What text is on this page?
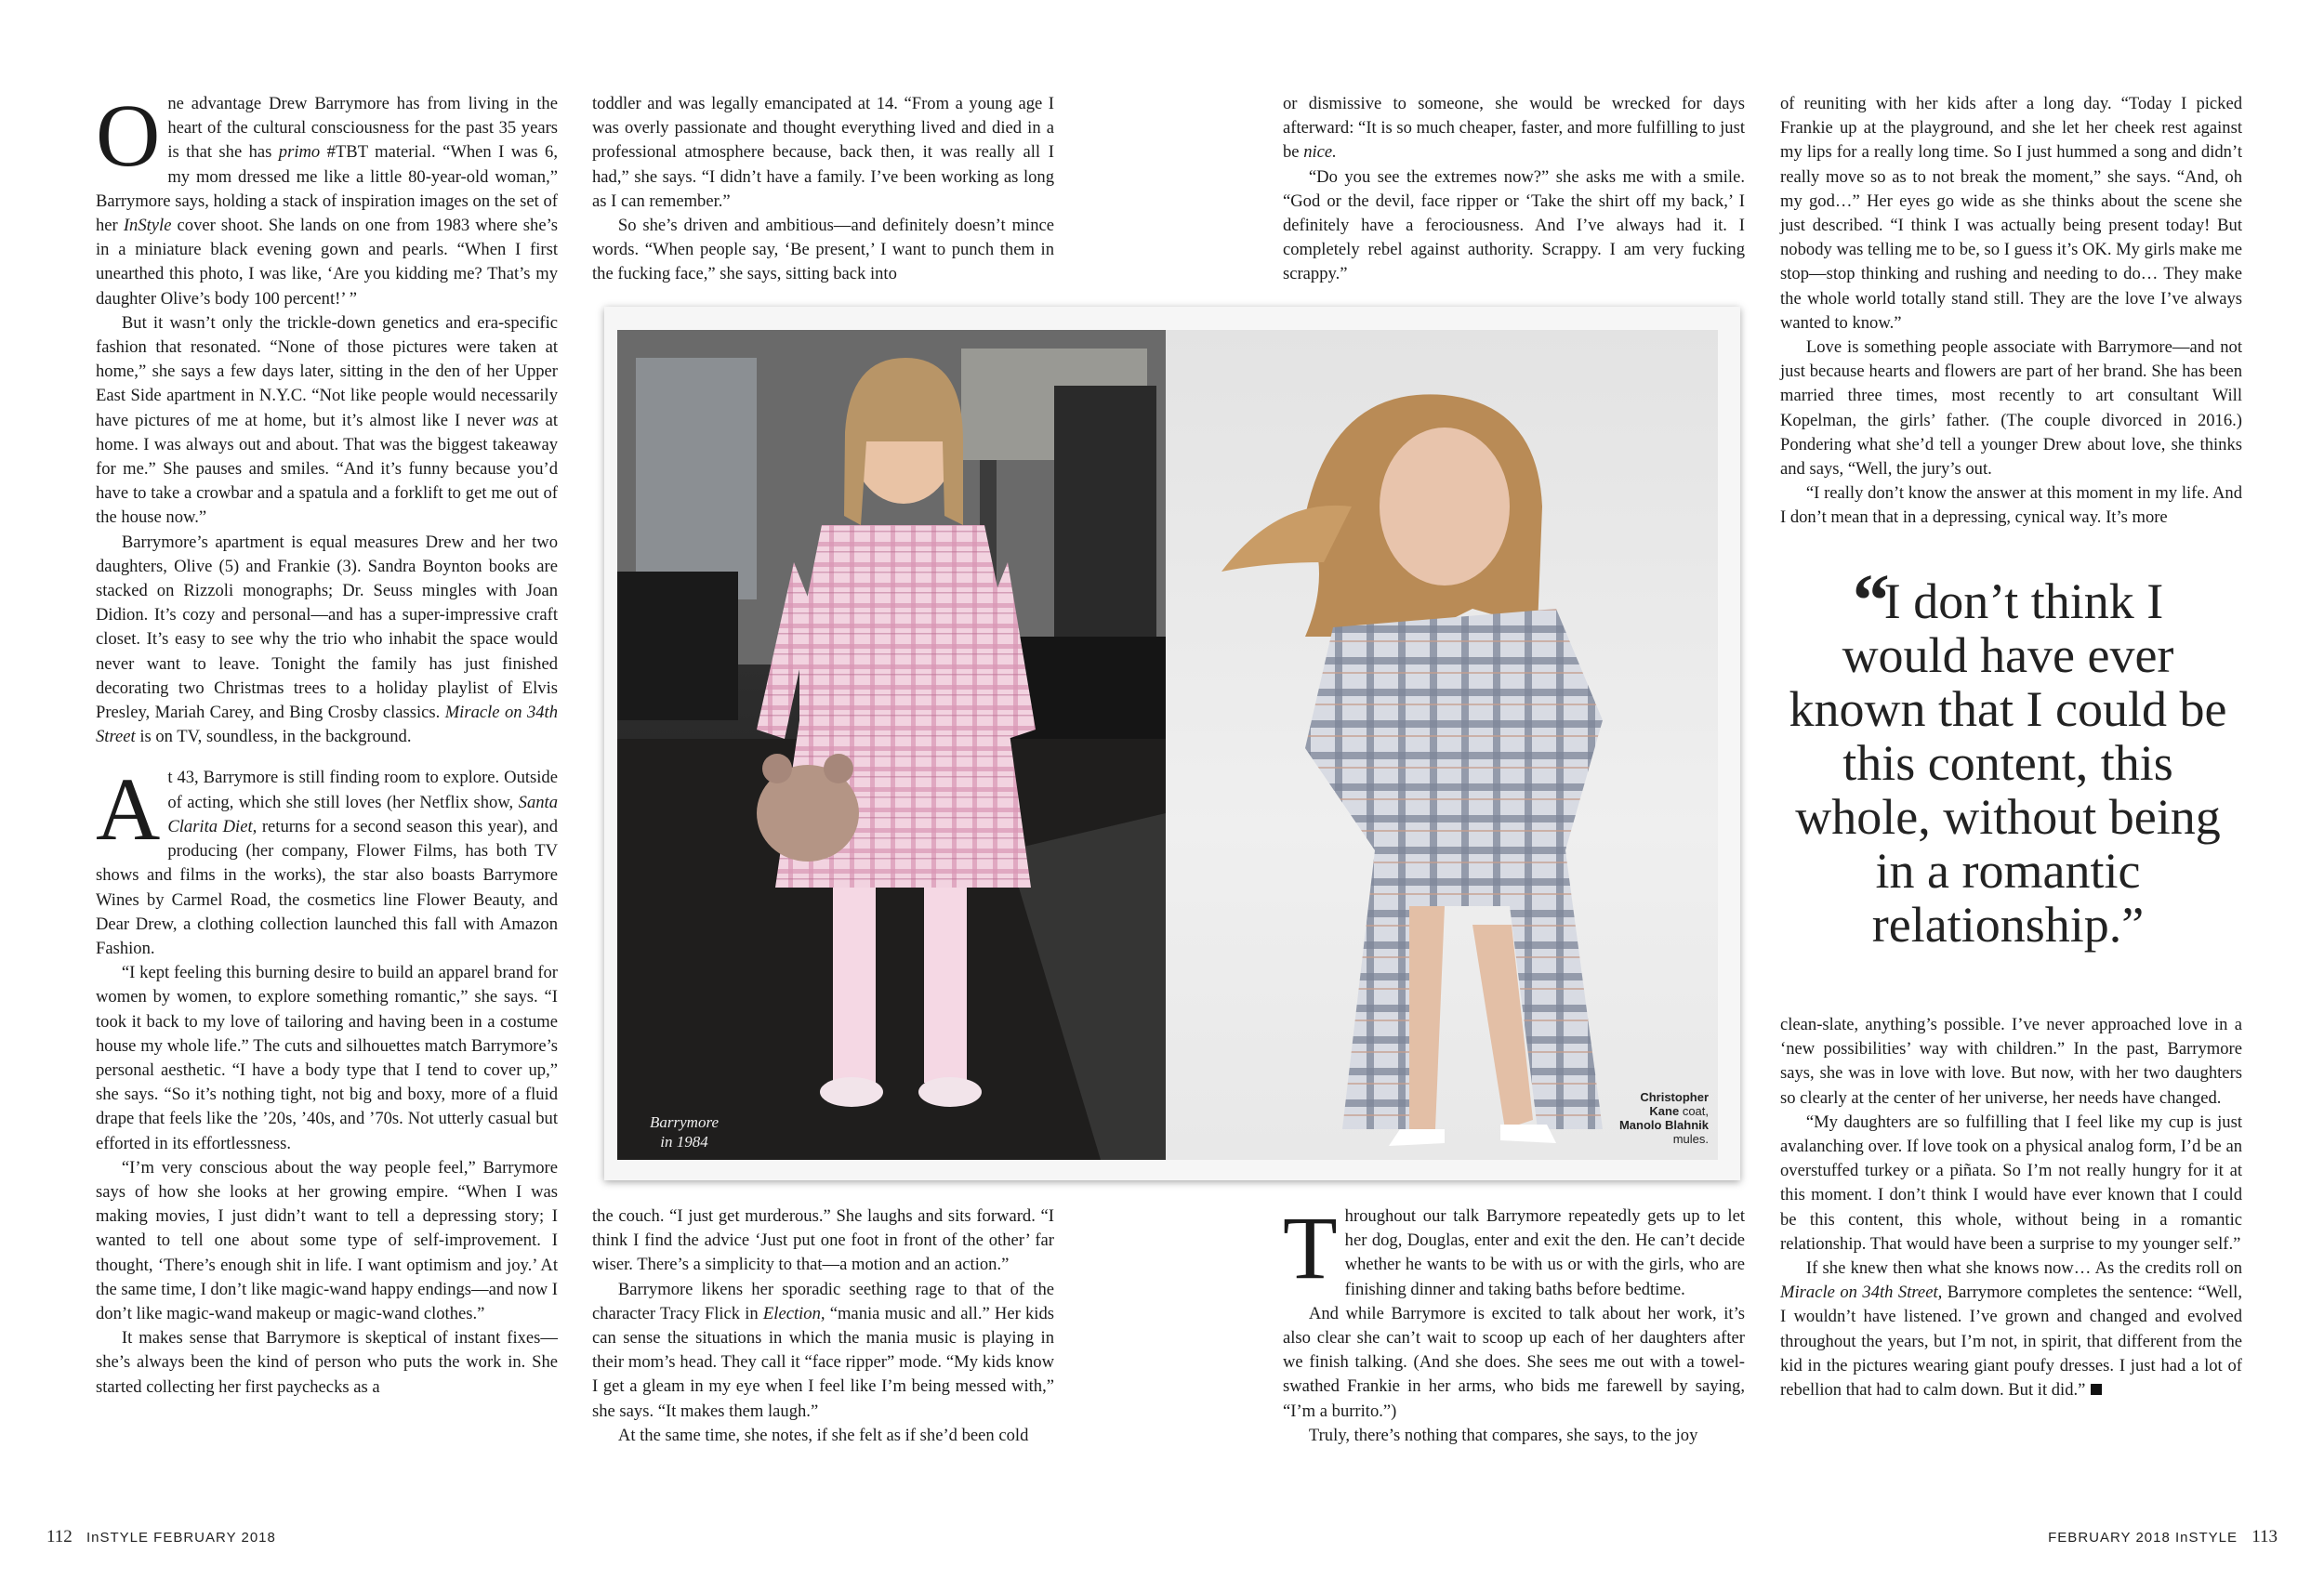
One advantage Drew Barrymore has from living in the heart of the cultural consciousness for the past 35 years is that she has primo #TBT material. “When I was 6, my mom dressed me like a little 80-year-old woman,” Barrymore says, holding a stack of inspiration images on the set of her InStyle cover shoot. She lands on one from 1983 where she’s in a miniature black evening gown and pearls. “When I first unearthed this photo, I was like, ‘Are you kidding me? That’s my daughter Olive’s body 100 percent!’ ”

But it wasn’t only the trickle-down genetics and era-specific fashion that resonated. “None of those pictures were taken at home,” she says a few days later, sitting in the den of her Upper East Side apartment in N.Y.C. “Not like people would necessarily have pictures of me at home, but it’s almost like I never was at home. I was always out and about. That was the biggest takeaway for me.” She pauses and smiles. “And it’s funny because you’d have to take a crowbar and a spatula and a forklift to get me out of the house now.”

Barrymore’s apartment is equal measures Drew and her two daughters, Olive (5) and Frankie (3). Sandra Boynton books are stacked on Rizzoli monographs; Dr. Seuss mingles with Joan Didion. It’s cozy and personal—and has a super-impressive craft closet. It’s easy to see why the trio who inhabit the space would never want to leave. Tonight the family has just finished decorating two Christmas trees to a holiday playlist of Elvis Presley, Mariah Carey, and Bing Crosby classics. Miracle on 34th Street is on TV, soundless, in the background.

At 43, Barrymore is still finding room to explore. Outside of acting, which she still loves (her Netflix show, Santa Clarita Diet, returns for a second season this year), and producing (her company, Flower Films, has both TV shows and films in the works), the star also boasts Barrymore Wines by Carmel Road, the cosmetics line Flower Beauty, and Dear Drew, a clothing collection launched this fall with Amazon Fashion.

“I kept feeling this burning desire to build an apparel brand for women by women, to explore something romantic,” she says. “I took it back to my love of tailoring and having been in a costume house my whole life.” The cuts and silhouettes match Barrymore’s personal aesthetic. “I have a body type that I tend to cover up,” she says. “So it’s nothing tight, not big and boxy, more of a fluid drape that feels like the ’20s, ’40s, and ’70s. Not utterly casual but efforted in its effortlessness.

“I’m very conscious about the way people feel,” Barrymore says of how she looks at her growing empire. “When I was making movies, I just didn’t want to tell a depressing story; I wanted to tell one about some type of self-improvement. I thought, ‘There’s enough shit in life. I want optimism and joy.’ At the same time, I don’t like magic-wand happy endings—and now I don’t like magic-wand makeup or magic-wand clothes.”

It makes sense that Barrymore is skeptical of instant fixes—she’s always been the kind of person who puts the work in. She started collecting her first paychecks as a

toddler and was legally emancipated at 14. “From a young age I was overly passionate and thought everything lived and died in a professional atmosphere because, back then, it was really all I had,” she says. “I didn’t have a family. I’ve been working as long as I can remember.”

So she’s driven and ambitious—and definitely doesn’t mince words. “When people say, ‘Be present,’ I want to punch them in the fucking face,” she says, sitting back into

or dismissive to someone, she would be wrecked for days afterward: “It is so much cheaper, faster, and more fulfilling to just be nice.

“Do you see the extremes now?” she asks me with a smile. “God or the devil, face ripper or ‘Take the shirt off my back,’ I definitely have a ferociousness. And I’ve always had it. I completely rebel against authority. Scrappy. I am very fucking scrappy.”

of reuniting with her kids after a long day. “Today I picked Frankie up at the playground, and she let her cheek rest against my lips for a really long time. So I just hummed a song and didn’t really move so as to not break the moment,” she says. “And, oh my god…” Her eyes go wide as she thinks about the scene she just described. “I think I was actually being present today! But nobody was telling me to be, so I guess it’s OK. My girls make me stop—stop thinking and rushing and needing to do… They make the whole world totally stand still. They are the love I’ve always wanted to know.”

Love is something people associate with Barrymore—and not just because hearts and flowers are part of her brand. She has been married three times, most recently to art consultant Will Kopelman, the girls’ father. (The couple divorced in 2016.) Pondering what she’d tell a younger Drew about love, she thinks and says, “Well, the jury’s out.

“I really don’t know the answer at this moment in my life. And I don’t mean that in a depressing, cynical way. It’s more

Barrymore
in 1984
Christopher
Kane coat,
Manolo Blahnik
mules.
“I don’t think I would have ever known that I could be this content, this whole, without being in a romantic relationship.”

the couch. “I just get murderous.” She laughs and sits forward. “I think I find the advice ‘Just put one foot in front of the other’ far wiser. There’s a simplicity to that—a motion and an action.”

Barrymore likens her sporadic seething rage to that of the character Tracy Flick in Election, “mania music and all.” Her kids can sense the situations in which the mania music is playing in their mom’s head. They call it “face ripper” mode. “My kids know I get a gleam in my eye when I feel like I’m being messed with,” she says. “It makes them laugh.”

At the same time, she notes, if she felt as if she’d been cold

Throughout our talk Barrymore repeatedly gets up to let her dog, Douglas, enter and exit the den. He can’t decide whether he wants to be with us or with the girls, who are finishing dinner and taking baths before bedtime.

And while Barrymore is excited to talk about her work, it’s also clear she can’t wait to scoop up each of her daughters after we finish talking. (And she does. She sees me out with a towel-swathed Frankie in her arms, who bids me farewell by saying, “I’m a burrito.”)

Truly, there’s nothing that compares, she says, to the joy

clean-slate, anything’s possible. I’ve never approached love in a ‘new possibilities’ way with children.” In the past, Barrymore says, she was in love with love. But now, with her two daughters so clearly at the center of her universe, her needs have changed.

“My daughters are so fulfilling that I feel like my cup is just avalanching over. If love took on a physical analog form, I’d be an overstuffed turkey or a piñata. So I’m not really hungry for it at this moment. I don’t think I would have ever known that I could be this content, this whole, without being in a romantic relationship. That would have been a surprise to my younger self.”

If she knew then what she knows now… As the credits roll on Miracle on 34th Street, Barrymore completes the sentence: “Well, I wouldn’t have listened. I’ve grown and changed and evolved throughout the years, but I’m not, in spirit, that different from the kid in the pictures wearing giant poufy dresses. I just had a lot of rebellion that had to calm down. But it did.”

112 InSTYLE FEBRUARY 2018	FEBRUARY 2018 InSTYLE 113
